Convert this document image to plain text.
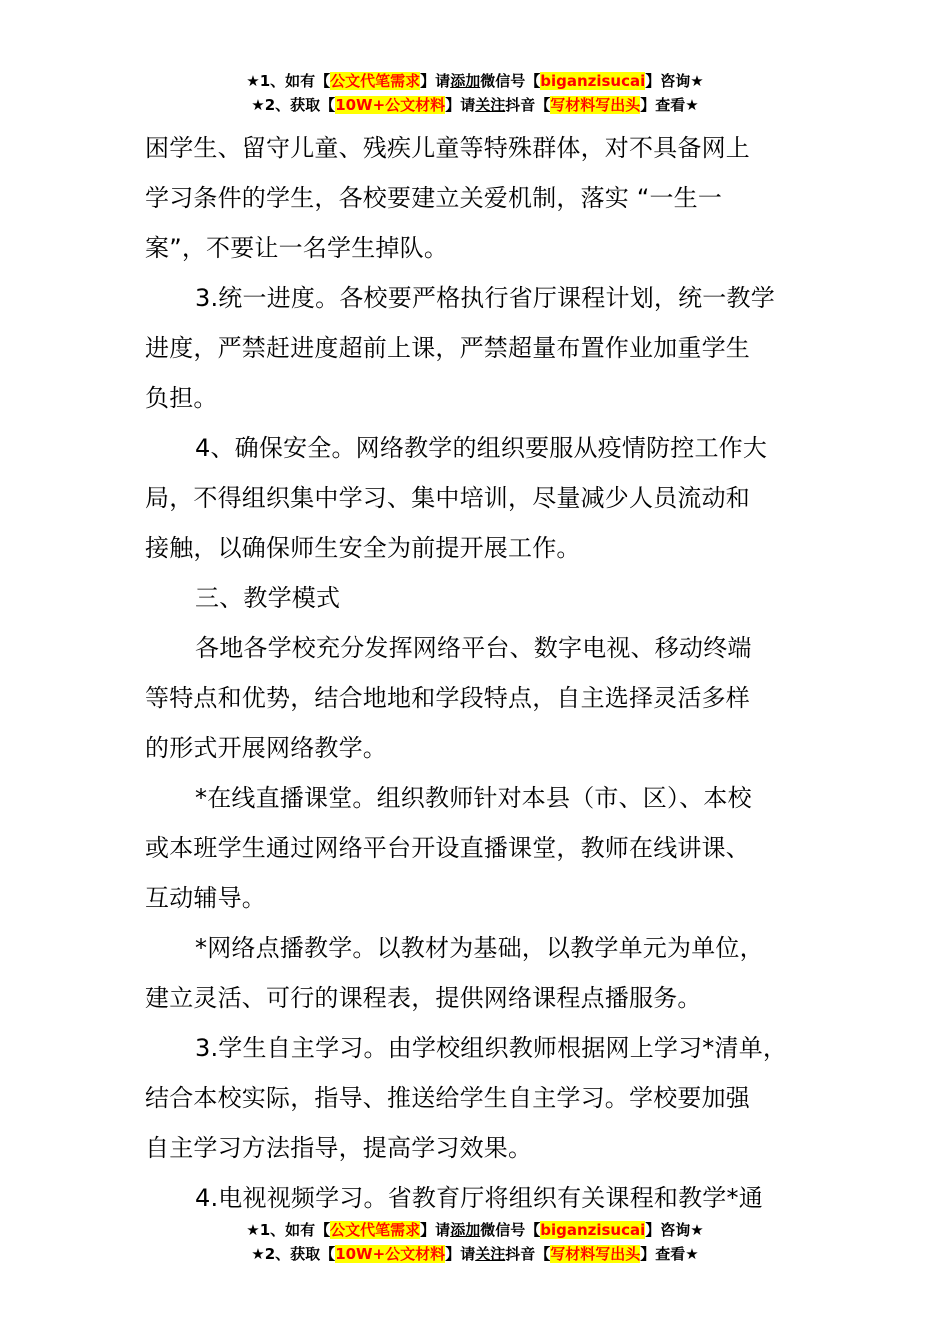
★1、如有【公文代笔需求】请添加微信号【biganzisucai】咨询★
★2、获取【10W+公文材料】请关注抖音【写材料写出头】查看★
困学生、留守儿童、残疾儿童等特殊群体，对不具备网上
学习条件的学生，各校要建立关爱机制，落实 “一生一
案”，不要让一名学生掉队。
3.统一进度。各校要严格执行省厅课程计划，统一教学
进度，严禁赶进度超前上课，严禁超量布置作业加重学生
负担。
4、确保安全。网络教学的组织要服从疫情防控工作大
局，不得组织集中学习、集中培训，尽量减少人员流动和
接触，以确保师生安全为前提开展工作。
三、教学模式
各地各学校充分发挥网络平台、数字电视、移动终端
等特点和优势，结合地地和学段特点，自主选择灵活多样
的形式开展网络教学。
*在线直播课堂。组织教师针对本县（市、区）、本校
或本班学生通过网络平台开设直播课堂，教师在线讲课、
互动辅导。
*网络点播教学。以教材为基础，以教学单元为单位，
建立灵活、可行的课程表，提供网络课程点播服务。
3.学生自主学习。由学校组织教师根据网上学习*清单，
结合本校实际，指导、推送给学生自主学习。学校要加强
自主学习方法指导，提高学习效果。
4.电视视频学习。省教育厅将组织有关课程和教学*通
★1、如有【公文代笔需求】请添加微信号【biganzisucai】咨询★
★2、获取【10W+公文材料】请关注抖音【写材料写出头】查看★
